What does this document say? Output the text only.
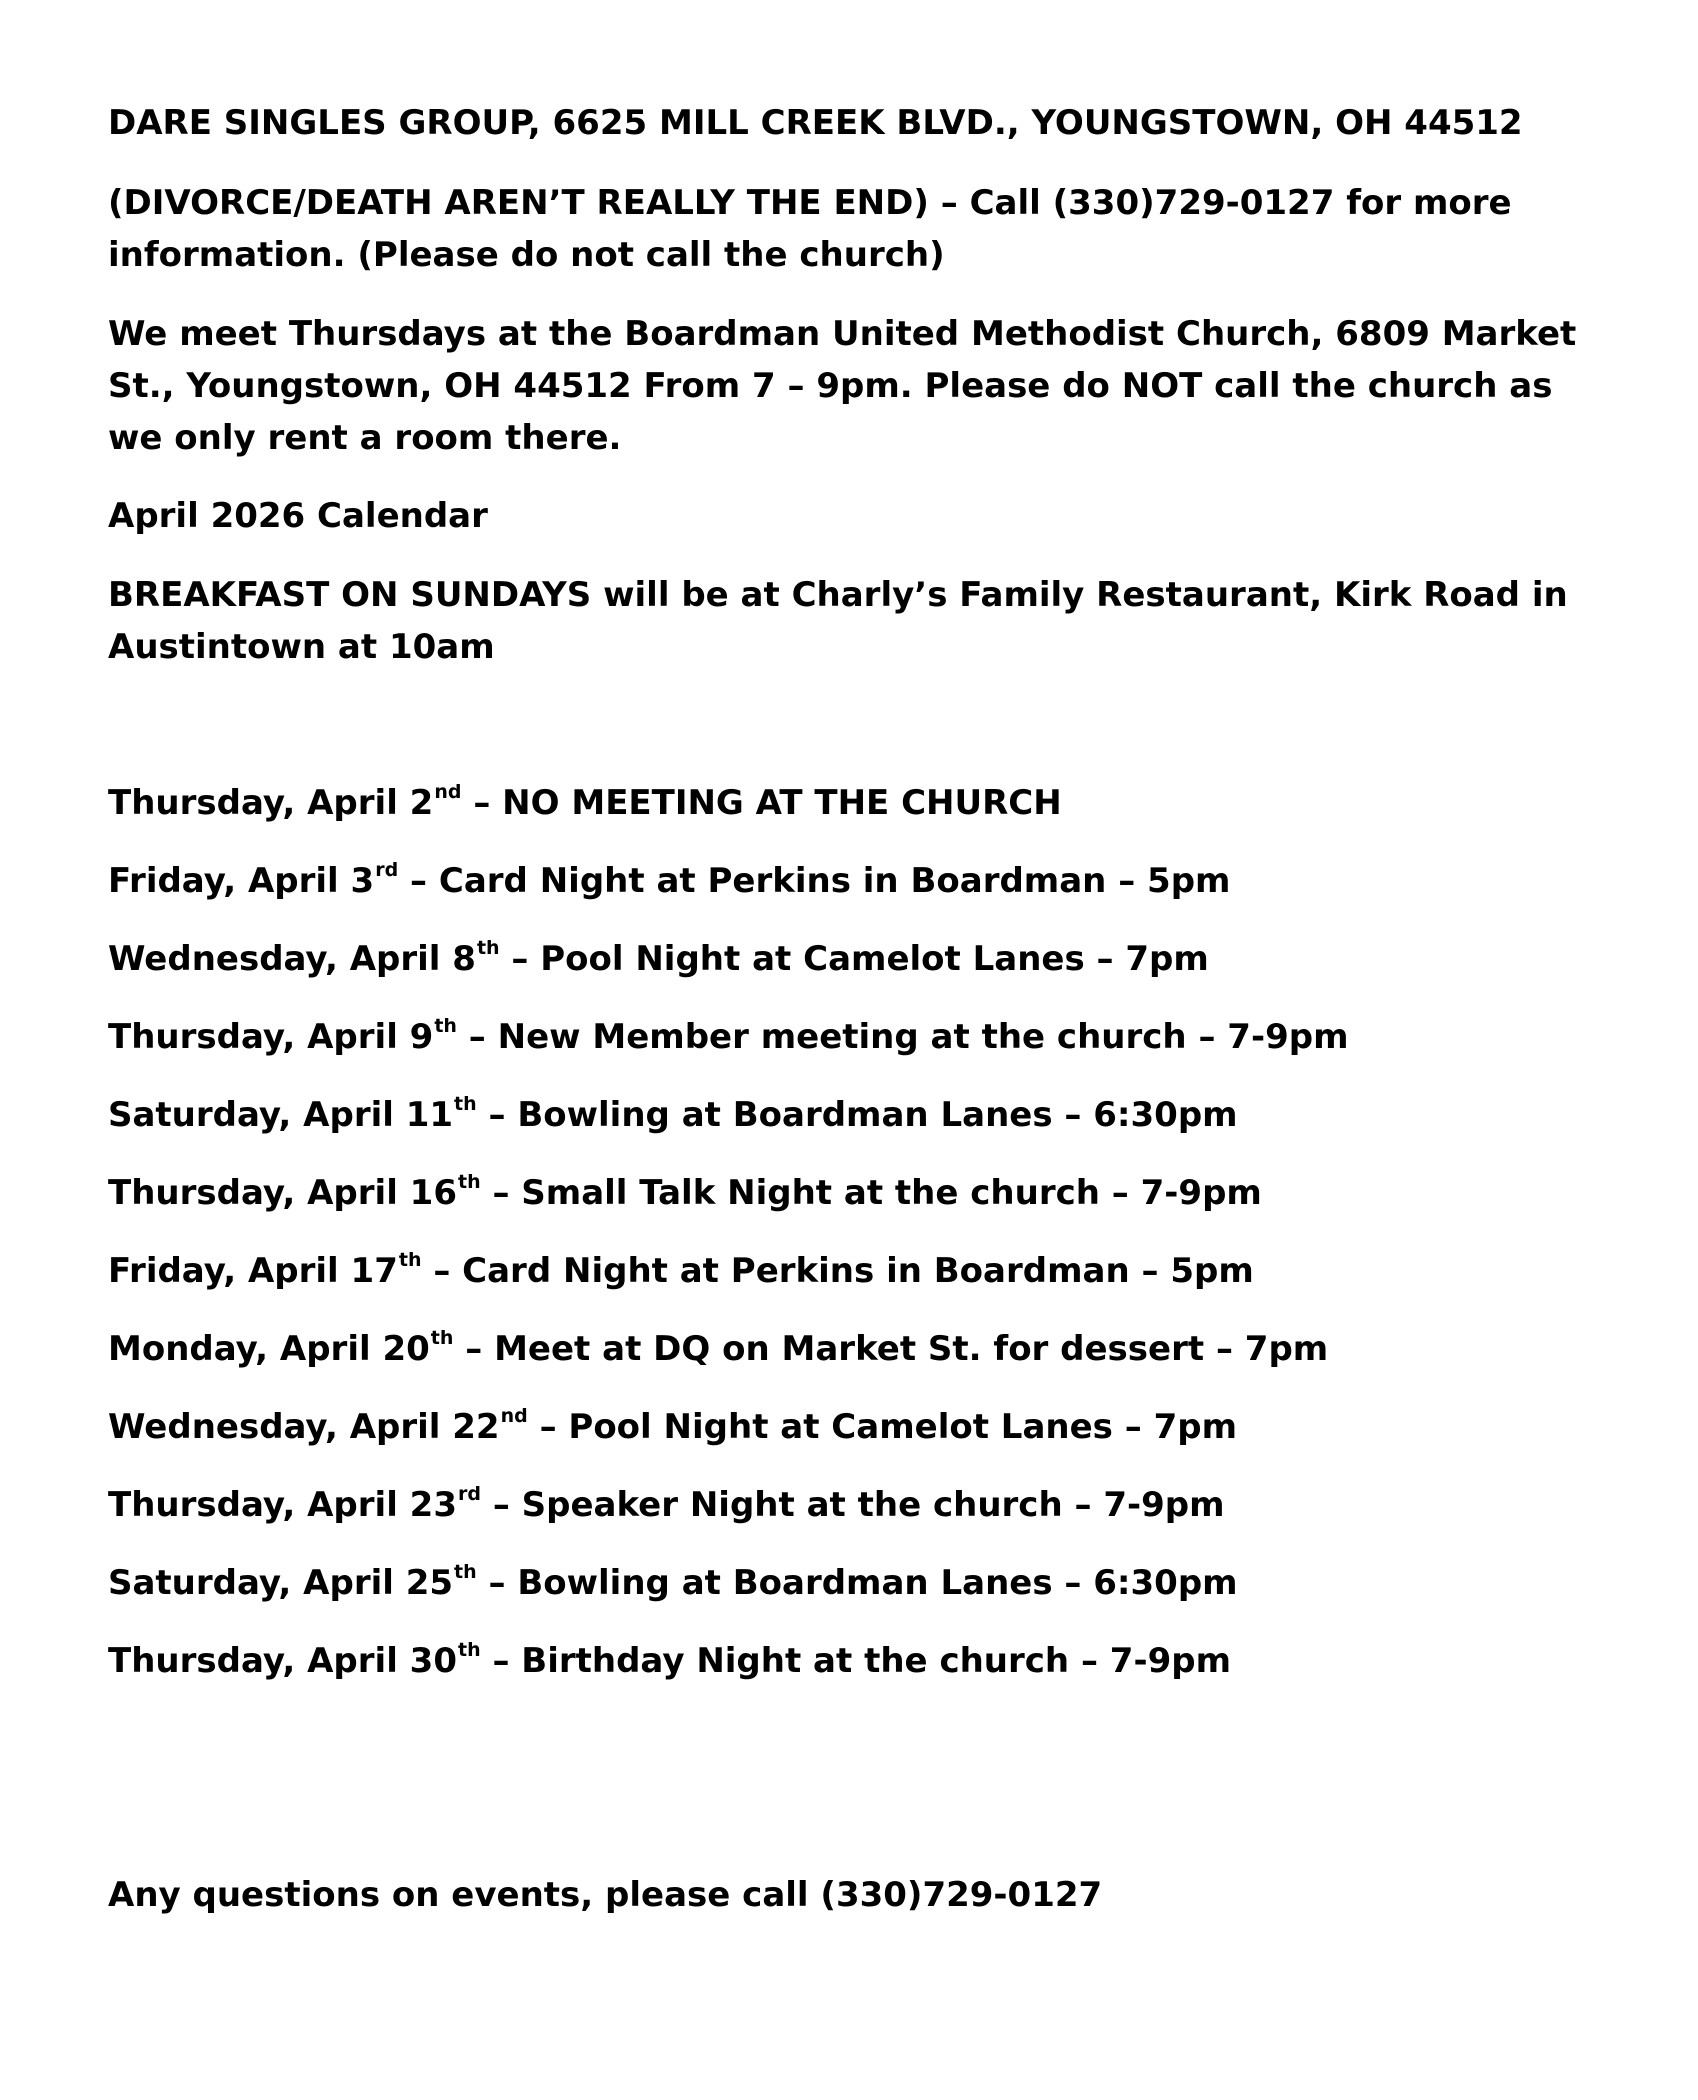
DARE SINGLES GROUP, 6625 MILL CREEK BLVD., YOUNGSTOWN, OH 44512

(DIVORCE/DEATH AREN’T REALLY THE END) – Call (330)729-0127 for more information. (Please do not call the church)

We meet Thursdays at the Boardman United Methodist Church, 6809 Market St., Youngstown, OH 44512 From 7 – 9pm. Please do NOT call the church as we only rent a room there.

April 2026 Calendar

BREAKFAST ON SUNDAYS will be at Charly’s Family Restaurant, Kirk Road in Austintown at 10am

Thursday, April 2nd – NO MEETING AT THE CHURCH
Friday, April 3rd – Card Night at Perkins in Boardman – 5pm
Wednesday, April 8th – Pool Night at Camelot Lanes – 7pm
Thursday, April 9th – New Member meeting at the church – 7-9pm
Saturday, April 11th – Bowling at Boardman Lanes – 6:30pm
Thursday, April 16th – Small Talk Night at the church – 7-9pm
Friday, April 17th – Card Night at Perkins in Boardman – 5pm
Monday, April 20th – Meet at DQ on Market St. for dessert – 7pm
Wednesday, April 22nd – Pool Night at Camelot Lanes – 7pm
Thursday, April 23rd – Speaker Night at the church – 7-9pm
Saturday, April 25th – Bowling at Boardman Lanes – 6:30pm
Thursday, April 30th – Birthday Night at the church – 7-9pm

Any questions on events, please call (330)729-0127
